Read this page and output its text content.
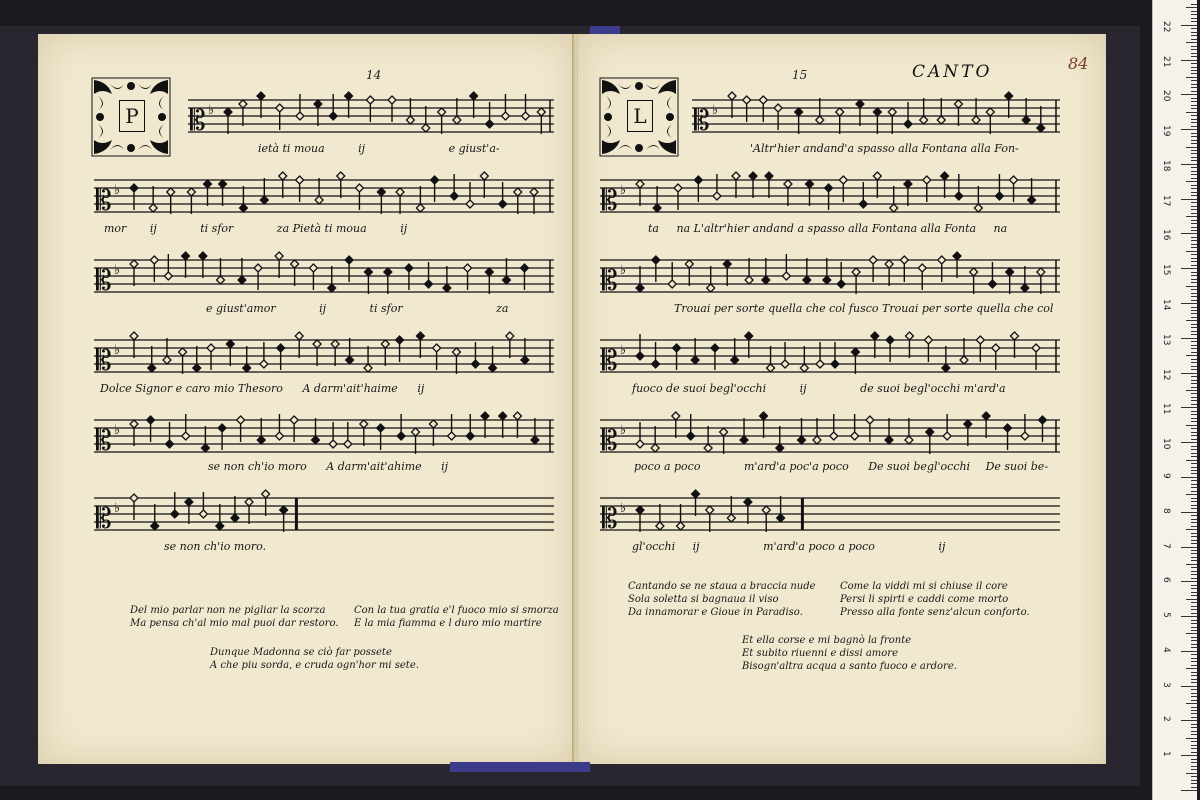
14
P 𝄡 ♭
ietà ti moua	ij	e giust'a-
𝄡 ♭
mor ij	ti sfor	za Pietà ti moua	ij
𝄡 ♭
e giust'amor	ij	ti sfor	za
𝄡 ♭
Dolce Signor e caro mio Thesoro A darm'ait'haime ij
𝄡 ♭
se non ch'io moro A darm'ait'ahime ij
𝄡 ♭
se non ch'io moro.
Del mio parlar non ne pigliar la scorza
Ma pensa ch'al mio mal puoi dar restoro.
Con la tua gratia e'l fuoco mio si smorza
E la mia fiamma e l duro mio martire
Dunque Madonna se ciò far possete
A che piu sorda, e cruda ogn'hor mi sete.
15	CANTO	84
L 𝄡 ♭
'Altr'hier andand'a spasso alla Fontana alla Fon-
𝄡 ♭
ta na L'altr'hier andand a spasso alla Fontana alla Fonta na
𝄡 ♭
Trouai per sorte quella che col fusco Trouai per sorte quella che col
𝄡 ♭
fuoco de suoi begl'occhi	ij	de suoi begl'occhi m'ard'a
𝄡 ♭
poco a poco	m'ard'a poc'a poco De suoi begl'occhi De suoi be-
𝄡 ♭
gl'occhi ij	m'ard'a poco a poco	ij
Cantando se ne staua a braccia nude
Sola soletta si bagnaua il viso
Da innamorar e Gioue in Paradiso.
Come la viddi mi si chiuse il core
Persi li spirti e caddi come morto
Presso alla fonte senz'alcun conforto.
Et ella corse e mi bagnò la fronte
Et subito riuenni e dissi amore
Bisogn'altra acqua a santo fuoco e ardore.
1
2
3
4
5
6
7
8
9
10
11
12
13
14
15
16
17
18
19
20
21
22
